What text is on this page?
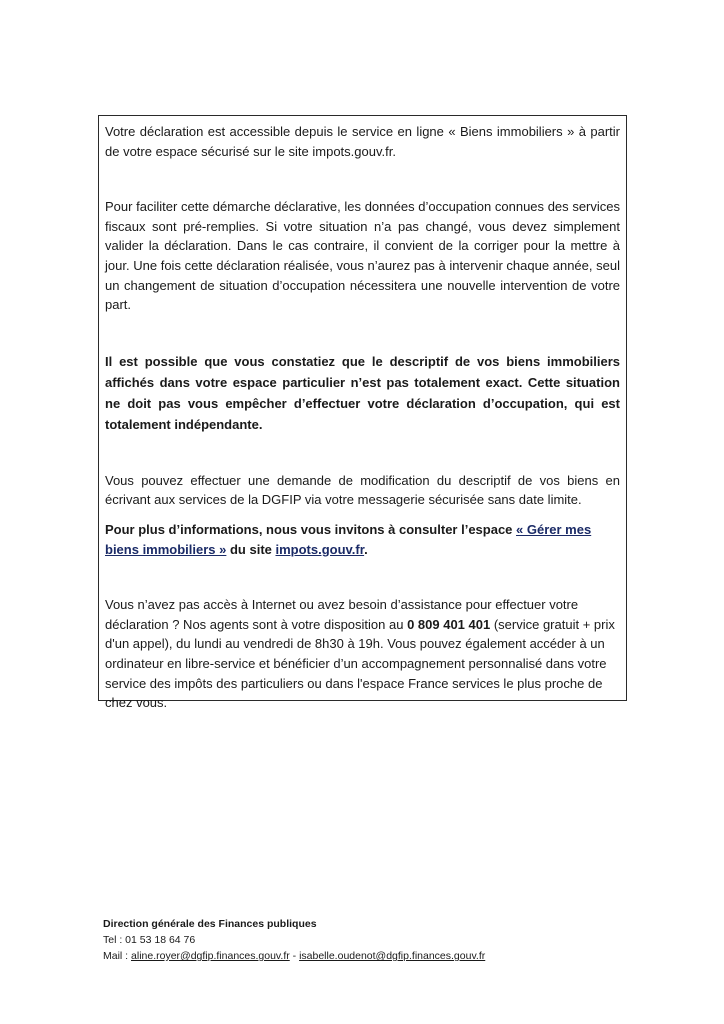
Votre déclaration est accessible depuis le service en ligne « Biens immobiliers » à partir de votre espace sécurisé sur le site impots.gouv.fr.

Pour faciliter cette démarche déclarative, les données d’occupation connues des services fiscaux sont pré-remplies. Si votre situation n’a pas changé, vous devez simplement valider la déclaration. Dans le cas contraire, il convient de la corriger pour la mettre à jour. Une fois cette déclaration réalisée, vous n’aurez pas à intervenir chaque année, seul un changement de situation d’occupation nécessitera une nouvelle intervention de votre part.

Il est possible que vous constatiez que le descriptif de vos biens immobiliers affichés dans votre espace particulier n’est pas totalement exact. Cette situation ne doit pas vous empêcher d’effectuer votre déclaration d’occupation, qui est totalement indépendante.

Vous pouvez effectuer une demande de modification du descriptif de vos biens en écrivant aux services de la DGFIP via votre messagerie sécurisée sans date limite.

Pour plus d’informations, nous vous invitons à consulter l’espace « Gérer mes biens immobiliers » du site impots.gouv.fr.

Vous n’avez pas accès à Internet ou avez besoin d’assistance pour effectuer votre déclaration ? Nos agents sont à votre disposition au 0 809 401 401 (service gratuit + prix d'un appel), du lundi au vendredi de 8h30 à 19h. Vous pouvez également accéder à un ordinateur en libre-service et bénéficier d’un accompagnement personnalisé dans votre service des impôts des particuliers ou dans l'espace France services le plus proche de chez vous.

Direction générale des Finances publiques
Tel : 01 53 18 64 76
Mail : aline.royer@dgfip.finances.gouv.fr - isabelle.oudenot@dgfip.finances.gouv.fr
